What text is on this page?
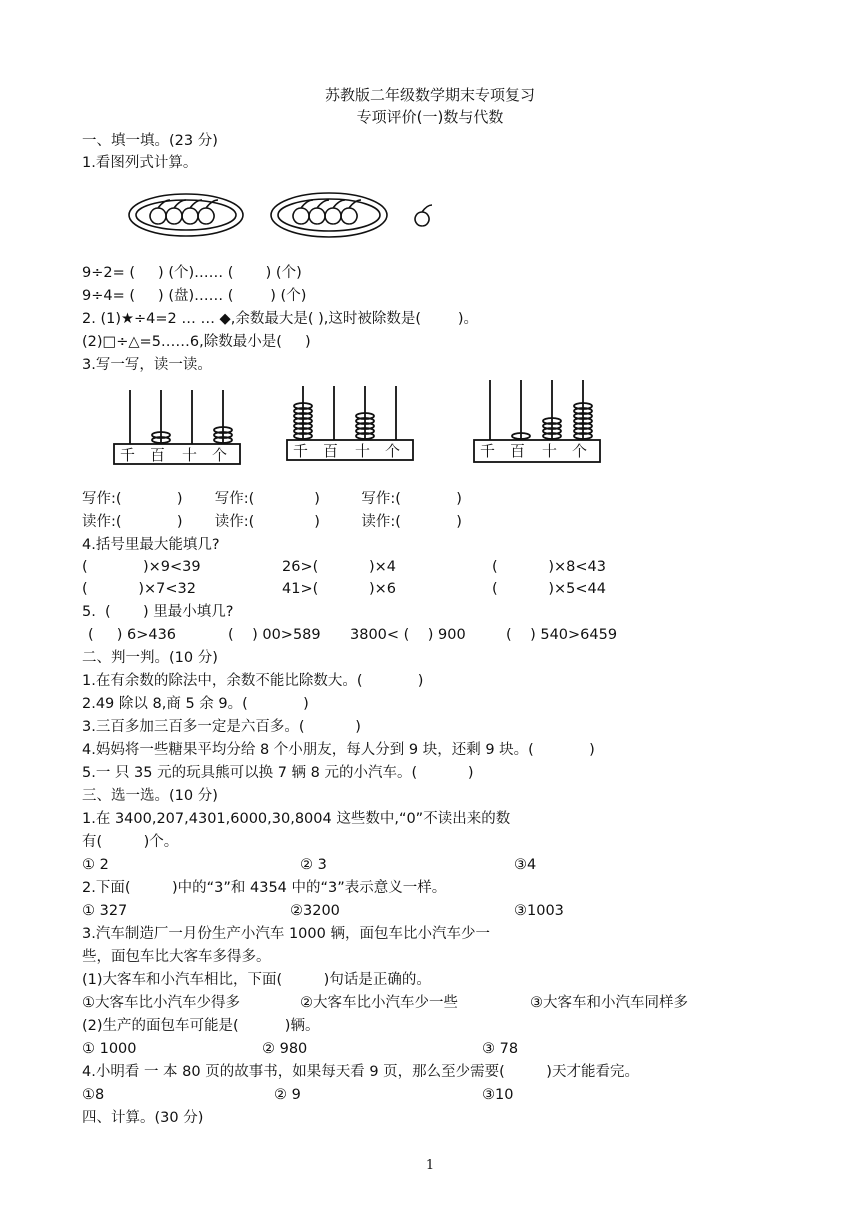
苏教版二年级数学期末专项复习
专项评价(一)数与代数
一、填一填。(23 分)
1.看图列式计算。
9÷2= (     ) (个)…… (       ) (个)
9÷4= (     ) (盘)…… (        ) (个)
2. (1)★÷4=2 … … ◆,余数最大是( ),这时被除数是(        )。
(2)□÷△=5……6,除数最小是(     )
3.写一写，读一读。
千 百 十 个	千 百 十 个	千 百 十 个
写作:(            )       写作:(             )         写作:(            )
读作:(            )       读作:(             )         读作:(            )
4.括号里最大能填几?
(            )×9<39	26>(           )×4	(           )×8<43
(           )×7<32	41>(           )×6	(           )×5<44
5.  (       ) 里最小填几?
(     ) 6>436	(    ) 00>589 3800< (    ) 900	(    ) 540>6459
二、判一判。(10 分)
1.在有余数的除法中，余数不能比除数大。(            )
2.49 除以 8,商 5 余 9。(            )
3.三百多加三百多一定是六百多。(           )
4.妈妈将一些糖果平均分给 8 个小朋友，每人分到 9 块，还剩 9 块。(            )
5.一 只 35 元的玩具熊可以换 7 辆 8 元的小汽车。(           )
三、选一选。(10 分)
1.在 3400,207,4301,6000,30,8004 这些数中,“0”不读出来的数
有(         )个。
① 2	② 3	③4
2.下面(         )中的“3”和 4354 中的“3”表示意义一样。
① 327	②3200	③1003
3.汽车制造厂一月份生产小汽车 1000 辆，面包车比小汽车少一
些，面包车比大客车多得多。
(1)大客车和小汽车相比，下面(         )句话是正确的。
①大客车比小汽车少得多	②大客车比小汽车少一些	③大客车和小汽车同样多
(2)生产的面包车可能是(          )辆。
① 1000	② 980	③ 78
4.小明看 一 本 80 页的故事书，如果每天看 9 页，那么至少需要(         )天才能看完。
①8	② 9	③10
四、计算。(30 分)
1
